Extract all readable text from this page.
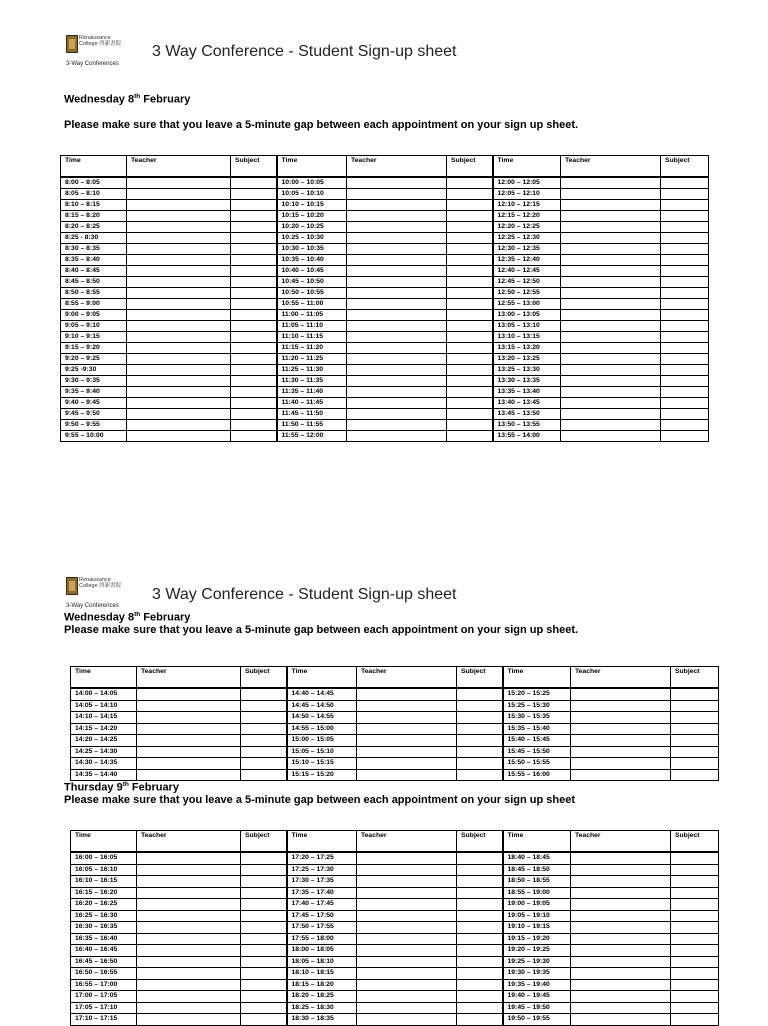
Renaissance College 啓新書院
3-Way Conferences
3 Way Conference - Student Sign-up sheet
Wednesday 8th February
Please make sure that you leave a 5-minute gap between each appointment on your sign up sheet.
Time	Teacher	Subject	Time	Teacher	Subject	Time	Teacher	Subject
8:00 – 8:05			10:00 – 10:05			12:00 – 12:05		
8:05 – 8:10			10:05 – 10:10			12:05 – 12:10		
8:10 – 8:15			10:10 – 10:15			12:10 – 12:15		
8:15 – 8:20			10:15 – 10:20			12:15 – 12:20		
8:20 – 8:25			10:20 – 10:25			12:20 – 12:25		
8:25 - 8:30			10:25 – 10:30			12:25 – 12:30		
8:30 – 8:35			10:30 – 10:35			12:30 – 12:35		
8:35 – 8:40			10:35 – 10:40			12:35 – 12:40		
8:40 – 8:45			10:40 – 10:45			12:40 – 12:45		
8:45 – 8:50			10:45 – 10:50			12:45 – 12:50		
8:50 – 8:55			10:50 – 10:55			12:50 – 12:55		
8:55 – 9:00			10:55 – 11:00			12:55 – 13:00		
9:00 – 9:05			11:00 – 11:05			13:00 – 13:05		
9:05 – 9:10			11:05 – 11:10			13:05 – 13:10		
9:10 – 9:15			11:10 – 11:15			13:10 – 13:15		
9:15 – 9:20			11:15 – 11:20			13:15 – 13:20		
9:20 – 9:25			11:20 – 11:25			13:20 – 13:25		
9:25 -9:30			11:25 – 11:30			13:25 – 13:30		
9:30 – 9:35			11:30 – 11:35			13:30 – 13:35		
9:35 – 9:40			11:35 – 11:40			13:35 – 13:40		
9:40 – 9:45			11:40 – 11:45			13:40 – 13:45		
9:45 – 9:50			11:45 – 11:50			13:45 – 13:50		
9:50 – 9:55			11:50 – 11:55			13:50 – 13:55		
9:55 – 10:00			11:55 – 12:00			13:55 – 14:00		
Renaissance College 啓新書院
3-Way Conferences
3 Way Conference - Student Sign-up sheet
Wednesday 8th February
Please make sure that you leave a 5-minute gap between each appointment on your sign up sheet.
Time	Teacher	Subject	Time	Teacher	Subject	Time	Teacher	Subject
14:00 – 14:05			14:40 – 14:45			15:20 – 15:25		
14:05 – 14:10			14:45 – 14:50			15:25 – 15:30		
14:10 – 14:15			14:50 – 14:55			15:30 – 15:35		
14:15 – 14:20			14:55 – 15:00			15:35 – 15:40		
14:20 – 14:25			15:00 – 15:05			15:40 – 15:45		
14:25 – 14:30			15:05 – 15:10			15:45 – 15:50		
14:30 – 14:35			15:10 – 15:15			15:50 – 15:55		
14:35 – 14:40			15:15 – 15:20			15:55 – 16:00		
Thursday 9th February
Please make sure that you leave a 5-minute gap between each appointment on your sign up sheet
Time	Teacher	Subject	Time	Teacher	Subject	Time	Teacher	Subject
16:00 – 16:05			17:20 – 17:25			18:40 – 18:45		
16:05 – 16:10			17:25 – 17:30			18:45 – 18:50		
16:10 – 16:15			17:30 – 17:35			18:50 – 18:55		
16:15 – 16:20			17:35 – 17:40			18:55 – 19:00		
16:20 – 16:25			17:40 – 17:45			19:00 – 19:05		
16:25 – 16:30			17:45 – 17:50			19:05 – 19:10		
16:30 – 16:35			17:50 – 17:55			19:10 – 19:15		
16:35 – 16:40			17:55 – 18:00			19:15 – 19:20		
16:40 – 16:45			18:00 – 18:05			19:20 – 19:25		
16:45 – 16:50			18:05 – 18:10			19:25 – 19:30		
16:50 – 16:55			18:10 – 18:15			19:30 – 19:35		
16:55 – 17:00			18:15 – 18:20			19:35 – 19:40		
17:00 – 17:05			18:20 – 18:25			19:40 – 19:45		
17:05 – 17:10			18:25 – 18:30			19:45 – 19:50		
17:10 – 17:15			18:30 – 18:35			19:50 – 19:55		
